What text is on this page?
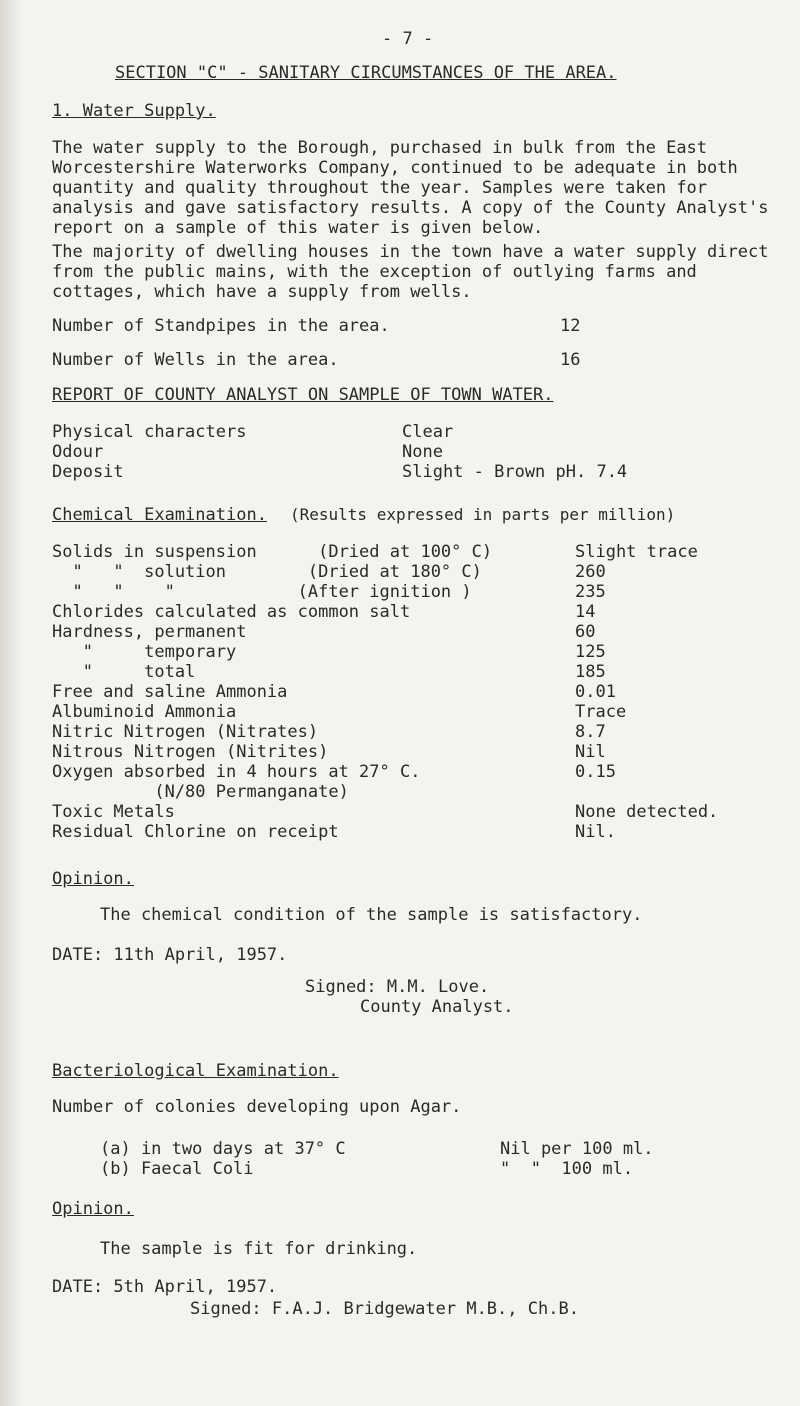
- 7 -
SECTION "C" - SANITARY CIRCUMSTANCES OF THE AREA.
1. Water Supply.
The water supply to the Borough, purchased in bulk from the East Worcestershire Waterworks Company, continued to be adequate in both quantity and quality throughout the year. Samples were taken for analysis and gave satisfactory results. A copy of the County Analyst's report on a sample of this water is given below.
The majority of dwelling houses in the town have a water supply direct from the public mains, with the exception of outlying farms and cottages, which have a supply from wells.
Number of Standpipes in the area.	12
Number of Wells in the area.	16
REPORT OF COUNTY ANALYST ON SAMPLE OF TOWN WATER.
Physical characters	Clear
Odour	None
Deposit	Slight - Brown pH. 7.4
Chemical Examination. (Results expressed in parts per million)
Solids in suspension      (Dried at 100° C)	Slight trace
"   "  solution        (Dried at 180° C)	260
"   "    "            (After ignition )	235
Chlorides calculated as common salt	14
Hardness, permanent	60
"     temporary	125
"     total	185
Free and saline Ammonia	0.01
Albuminoid Ammonia	Trace
Nitric Nitrogen (Nitrates)	8.7
Nitrous Nitrogen (Nitrites)	Nil
Oxygen absorbed in 4 hours at 27° C.	0.15
(N/80 Permanganate)
Toxic Metals	None detected.
Residual Chlorine on receipt	Nil.
Opinion.
The chemical condition of the sample is satisfactory.
DATE: 11th April, 1957.
Signed: M.M. Love.
County Analyst.
Bacteriological Examination.
Number of colonies developing upon Agar.
(a) in two days at 37° C	Nil per 100 ml.
(b) Faecal Coli	"  "  100 ml.
Opinion.
The sample is fit for drinking.
DATE: 5th April, 1957.
Signed: F.A.J. Bridgewater M.B., Ch.B.
